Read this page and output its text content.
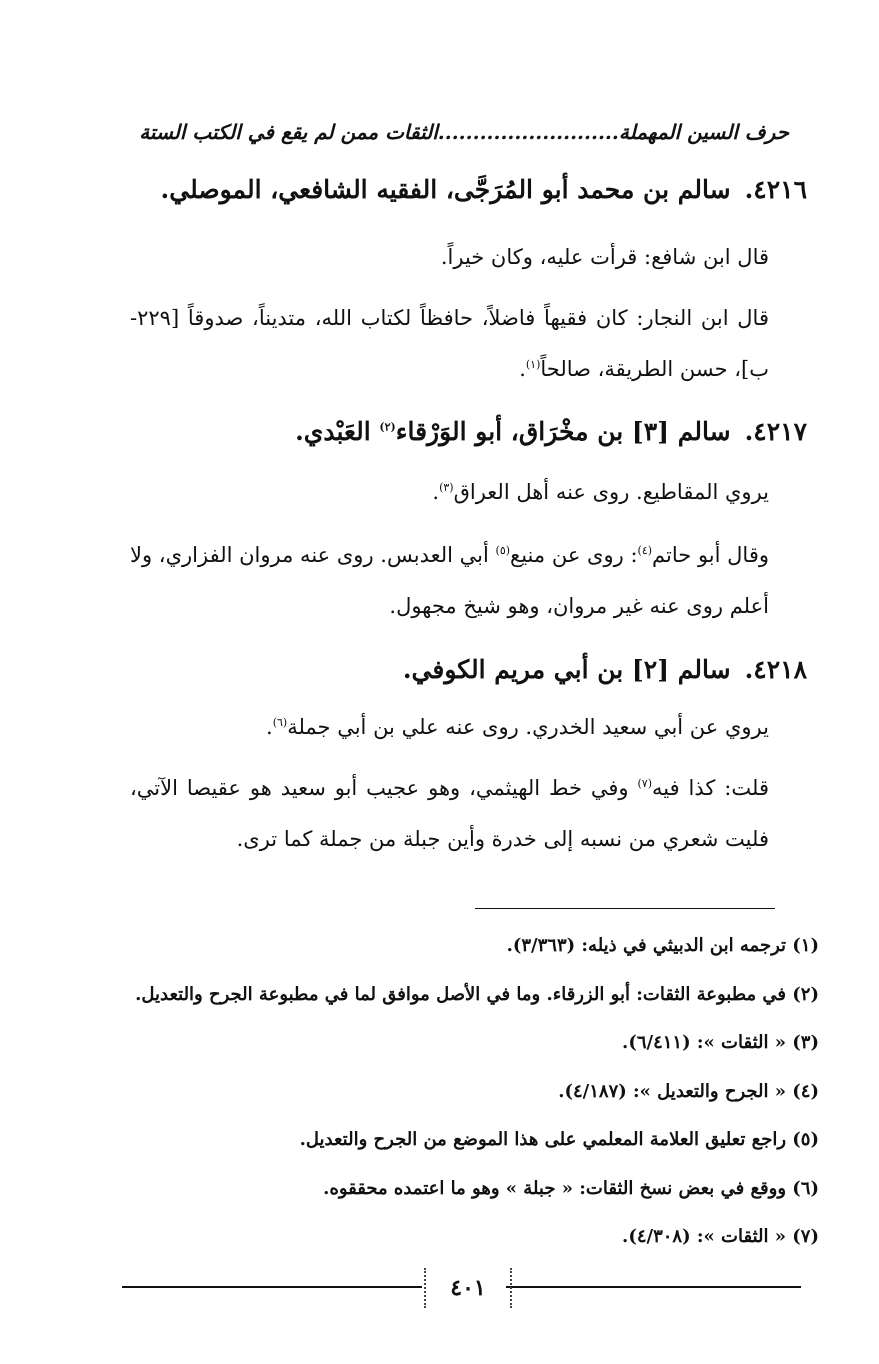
حرف السين المهملة..........................الثقات ممن لم يقع في الكتب الستة
٤٢١٦.سالم بن محمد أبو المُرَجَّى، الفقيه الشافعي، الموصلي.
قال ابن شافع: قرأت عليه، وكان خيراً.
قال ابن النجار: كان فقيهاً فاضلاً، حافظاً لكتاب الله، متديناً، صدوقاً [٢٢٩-ب]، حسن الطريقة، صالحاً$^{(١)}$.
٤٢١٧.سالم [٣] بن مخْرَاق، أبو الوَرْقاء$^{(٢)}$ العَبْدي.
يروي المقاطيع. روى عنه أهل العراق$^{(٣)}$.
وقال أبو حاتم$^{(٤)}$: روى عن منيع$^{(٥)}$ أبي العدبس. روى عنه مروان الفزاري، ولا أعلم روى عنه غير مروان، وهو شيخ مجهول.
٤٢١٨.سالم [٢] بن أبي مريم الكوفي.
يروي عن أبي سعيد الخدري. روى عنه علي بن أبي جملة$^{(٦)}$.
قلت: كذا فيه$^{(٧)}$ وفي خط الهيثمي، وهو عجيب أبو سعيد هو عقيصا الآتي، فليت شعري من نسبه إلى خدرة وأين جبلة من جملة كما ترى.
(١) ترجمه ابن الدبيثي في ذيله: (٣/٣٦٣).
(٢) في مطبوعة الثقات: أبو الزرقاء. وما في الأصل موافق لما في مطبوعة الجرح والتعديل.
(٣) « الثقات »: (٦/٤١١).
(٤) « الجرح والتعديل »: (٤/١٨٧).
(٥) راجع تعليق العلامة المعلمي على هذا الموضع من الجرح والتعديل.
(٦) ووقع في بعض نسخ الثقات: « جبلة » وهو ما اعتمده محققوه.
(٧) « الثقات »: (٤/٣٠٨).
٤٠١
